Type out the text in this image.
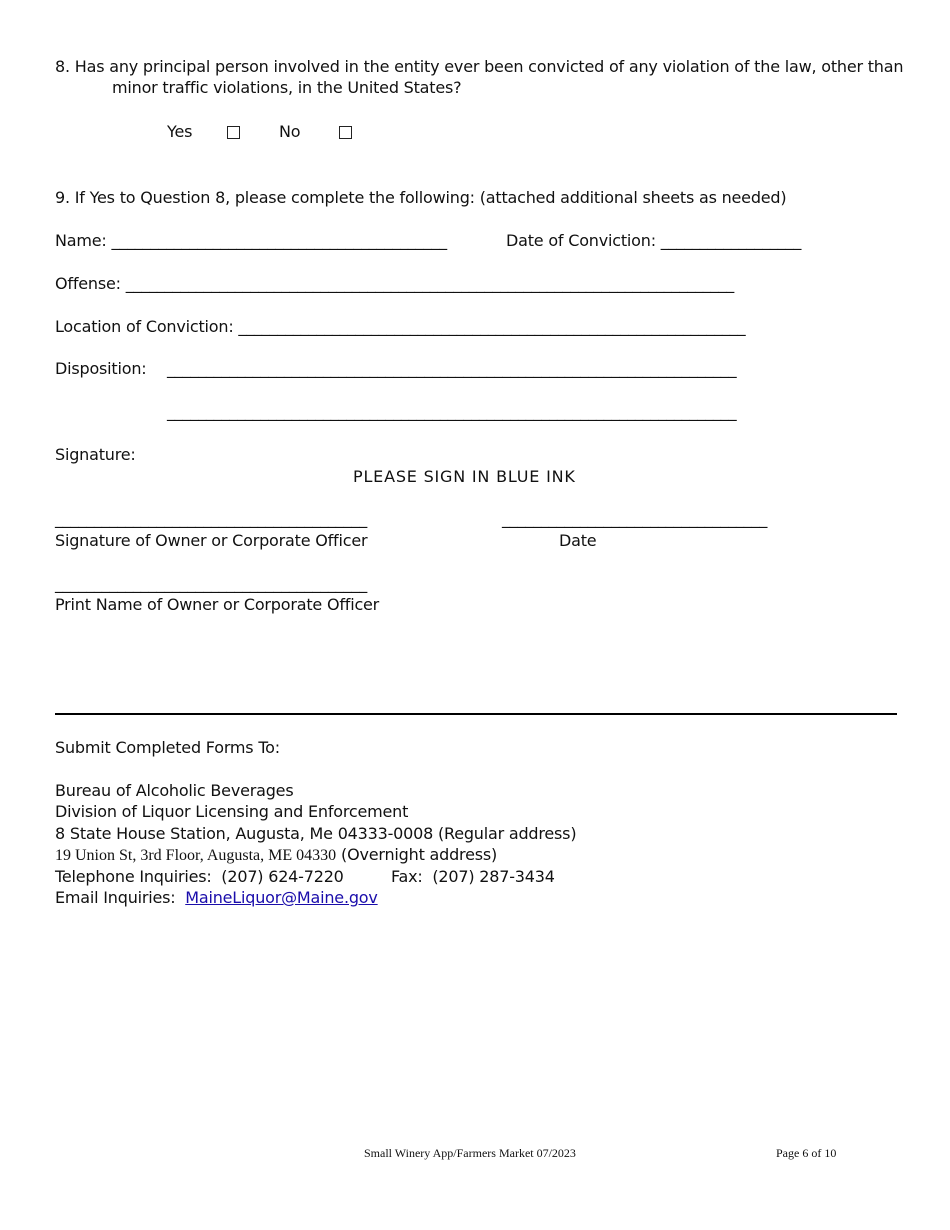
8. Has any principal person involved in the entity ever been convicted of any violation of the law, other than
minor traffic violations, in the United States?
Yes	No
9. If Yes to Question 8, please complete the following: (attached additional sheets as needed)
Name: ___________________________________________	Date of Conviction: __________________
Offense: ______________________________________________________________________________
Location of Conviction: _________________________________________________________________
Disposition: _________________________________________________________________________
_________________________________________________________________________
Signature:
PLEASE SIGN IN BLUE INK
________________________________________	__________________________________
Signature of Owner or Corporate Officer	Date
________________________________________
Print Name of Owner or Corporate Officer
Submit Completed Forms To:
Bureau of Alcoholic Beverages
Division of Liquor Licensing and Enforcement
8 State House Station, Augusta, Me 04333-0008 (Regular address)
19 Union St, 3rd Floor, Augusta, ME 04330 (Overnight address)
Telephone Inquiries:  (207) 624-7220	Fax:  (207) 287-3434
Email Inquiries:  MaineLiquor@Maine.gov
Small Winery App/Farmers Market 07/2023	Page 6 of 10
